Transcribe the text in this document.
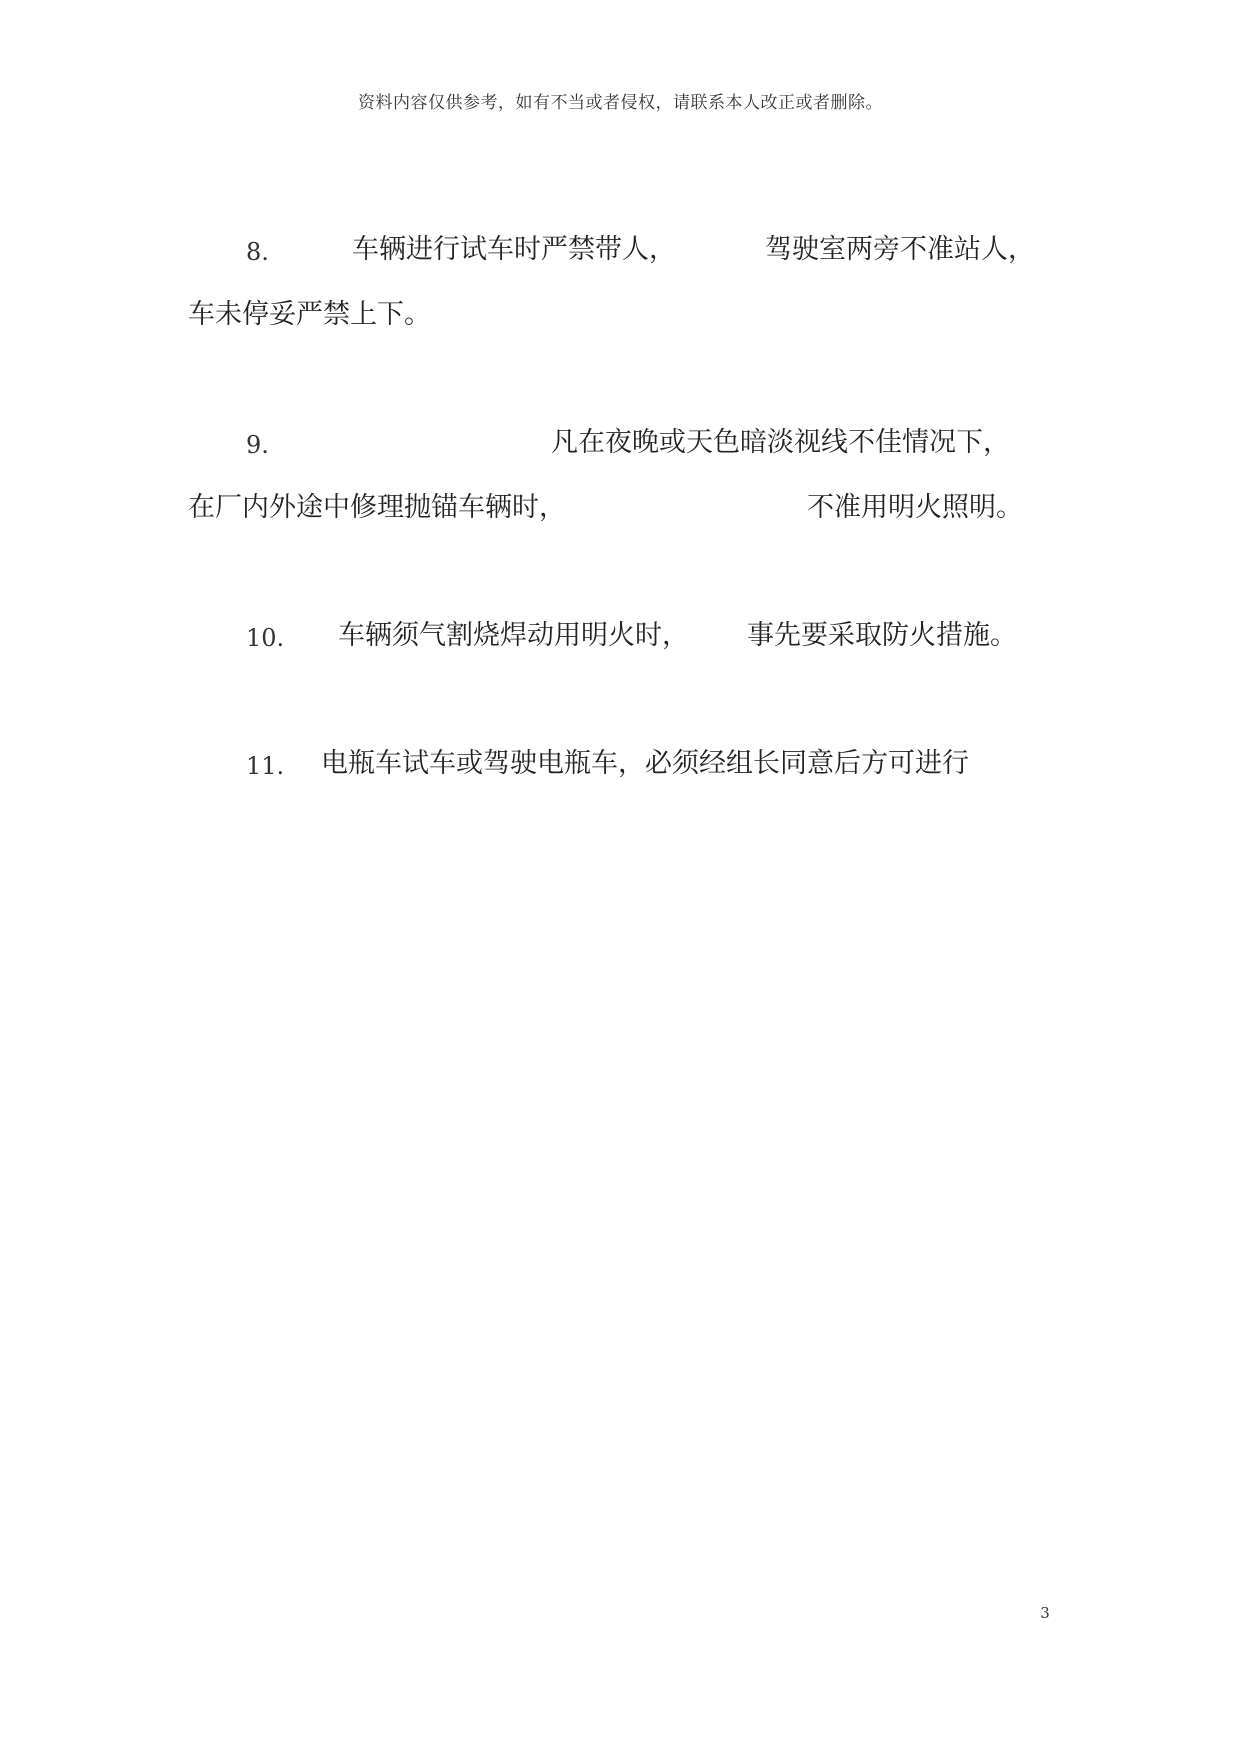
资料内容仅供参考，如有不当或者侵权，请联系本人改正或者删除。
8.	车辆进行试车时严禁带人，	驾驶室两旁不准站人，
车未停妥严禁上下。
9.	凡在夜晚或天色暗淡视线不佳情况下，
在厂内外途中修理抛锚车辆时，	不准用明火照明。
10. 车辆须气割烧焊动用明火时， 事先要采取防火措施。
11. 电瓶车试车或驾驶电瓶车，必须经组长同意后方可进行
3
